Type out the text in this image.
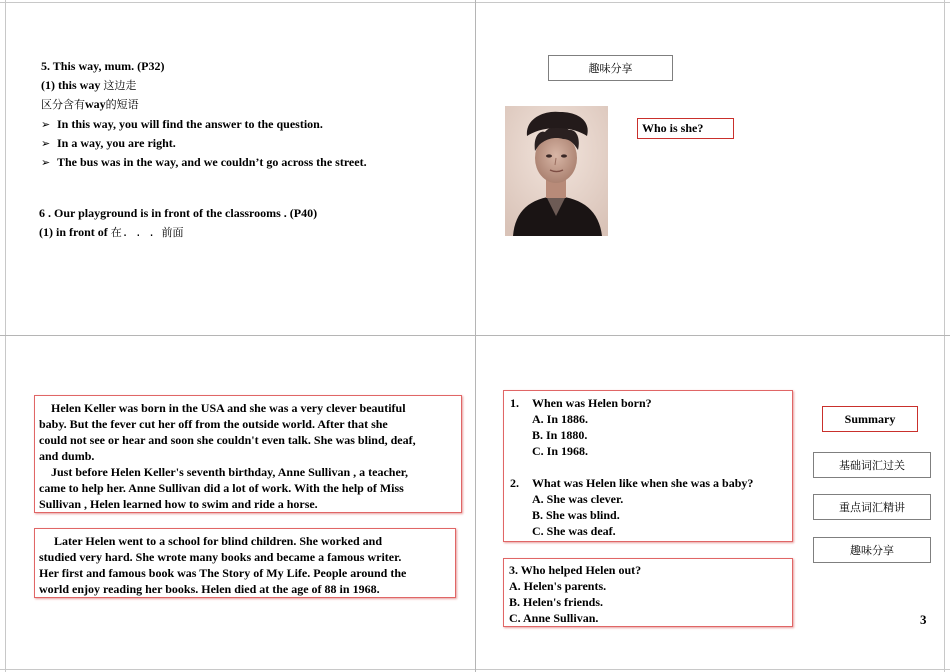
5. This way, mum. (P32)
(1) this way 这边走
区分含有way的短语
➢ In this way, you will find the answer to the question.
➢ In a way, you are right.
➢ The bus was in the way, and we couldn’t go across the street.
6 . Our playground is in front of the classrooms . (P40)
(1) in front of 在. . . 前面
趣味分享
Who is she?

Helen Keller was born in the USA and she was a very clever beautiful

baby. But the fever cut her off from the outside world. After that she

could not see or hear and soon she couldn't even talk. She was blind, deaf,

and dumb.

Just before Helen Keller's seventh birthday, Anne Sullivan , a teacher,

came to help her. Anne Sullivan did a lot of work. With the help of Miss

Sullivan , Helen learned how to swim and ride a horse.

Later Helen went to a school for blind children. She worked and

studied very hard. She wrote many books and became a famous writer.

Her first and famous book was The Story of My Life. People around the

world enjoy reading her books. Helen died at the age of 88 in 1968.

1. When was Helen born?
A. In 1886.
B. In 1880.
C. In 1968.
2. What was Helen like when she was a baby?
A. She was clever.
B. She was blind.
C. She was deaf.
3. Who helped Helen out?
A. Helen's parents.
B. Helen's friends.
C. Anne Sullivan.
Summary
基础词汇过关
重点词汇精讲
趣味分享
3
